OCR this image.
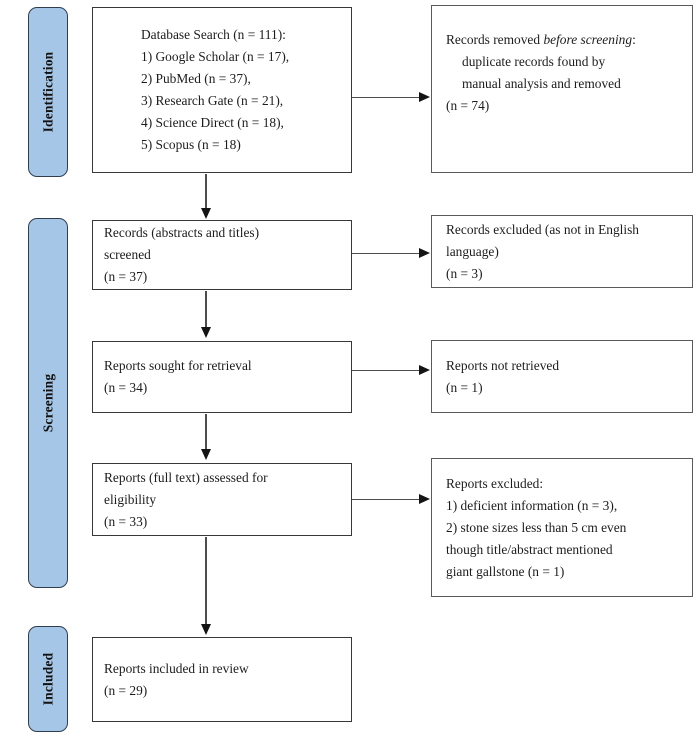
Identification
Screening
Included
Database Search (n = 111):
1) Google Scholar (n = 17),
2) PubMed (n = 37),
3) Research Gate (n = 21),
4) Science Direct (n = 18),
5) Scopus (n = 18)
Records (abstracts and titles)
screened
(n = 37)
Reports sought for retrieval
(n = 34)
Reports (full text) assessed for
eligibility
(n = 33)
Reports included in review
(n = 29)
Records removed before screening:
duplicate records found by
manual analysis and removed
(n = 74)
Records excluded (as not in English
language)
(n = 3)
Reports not retrieved
(n = 1)
Reports excluded:
1) deficient information (n = 3),
2) stone sizes less than 5 cm even
though title/abstract mentioned
giant gallstone (n = 1)
